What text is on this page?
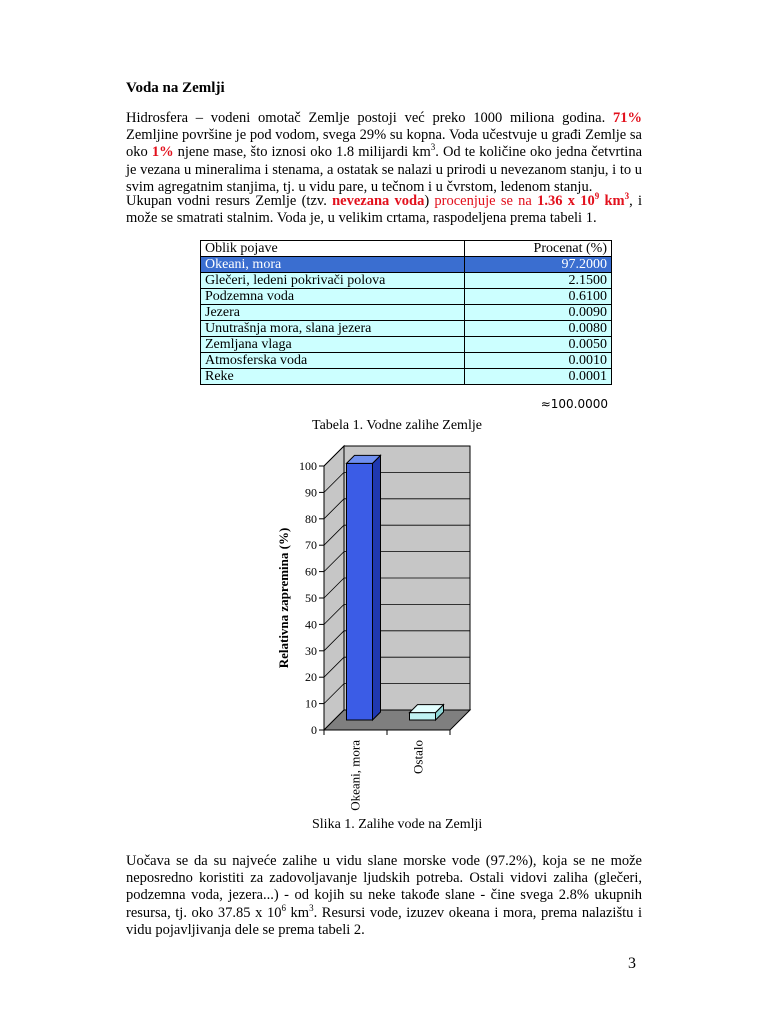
Voda na Zemlji

Hidrosfera – vodeni omotač Zemlje postoji već preko 1000 miliona godina. 71% Zemljine površine je pod vodom, svega 29% su kopna. Voda učestvuje u građi Zemlje sa oko 1% njene mase, što iznosi oko 1.8 milijardi $km^3$. Od te količine oko jedna četvrtina je vezana u mineralima i stenama, a ostatak se nalazi u prirodi u nevezanom stanju, i to u svim agregatnim stanjima, tj. u vidu pare, u tečnom i u čvrstom, ledenom stanju.

Ukupan vodni resurs Zemlje (tzv. nevezana voda) procenjuje se na 1.36 x $10^9$ $km^3$, i može se smatrati stalnim. Voda je, u velikim crtama, raspodeljena prema tabeli 1.

Oblik pojave	Procenat (%)
Okeani, mora	97.2000
Glečeri, ledeni pokrivači polova	2.1500
Podzemna voda	0.6100
Jezera	0.0090
Unutrašnja mora, slana jezera	0.0080
Zemljana vlaga	0.0050
Atmosferska voda	0.0010
Reke	0.0001
≈100.0000
Tabela 1. Vodne zalihe Zemlje
0
10
20
30
40
50
60
70
80
90
100
Relativna zapremina (%)
Okeani, mora	Ostalo
Slika 1. Zalihe vode na Zemlji

Uočava se da su najveće zalihe u vidu slane morske vode (97.2%), koja se ne može neposredno koristiti za zadovoljavanje ljudskih potreba. Ostali vidovi zaliha (glečeri, podzemna voda, jezera...) - od kojih su neke takođe slane - čine svega 2.8% ukupnih resursa, tj. oko 37.85 x $10^6$ $km^3$. Resursi vode, izuzev okeana i mora, prema nalazištu i vidu pojavljivanja dele se prema tabeli 2.

3
